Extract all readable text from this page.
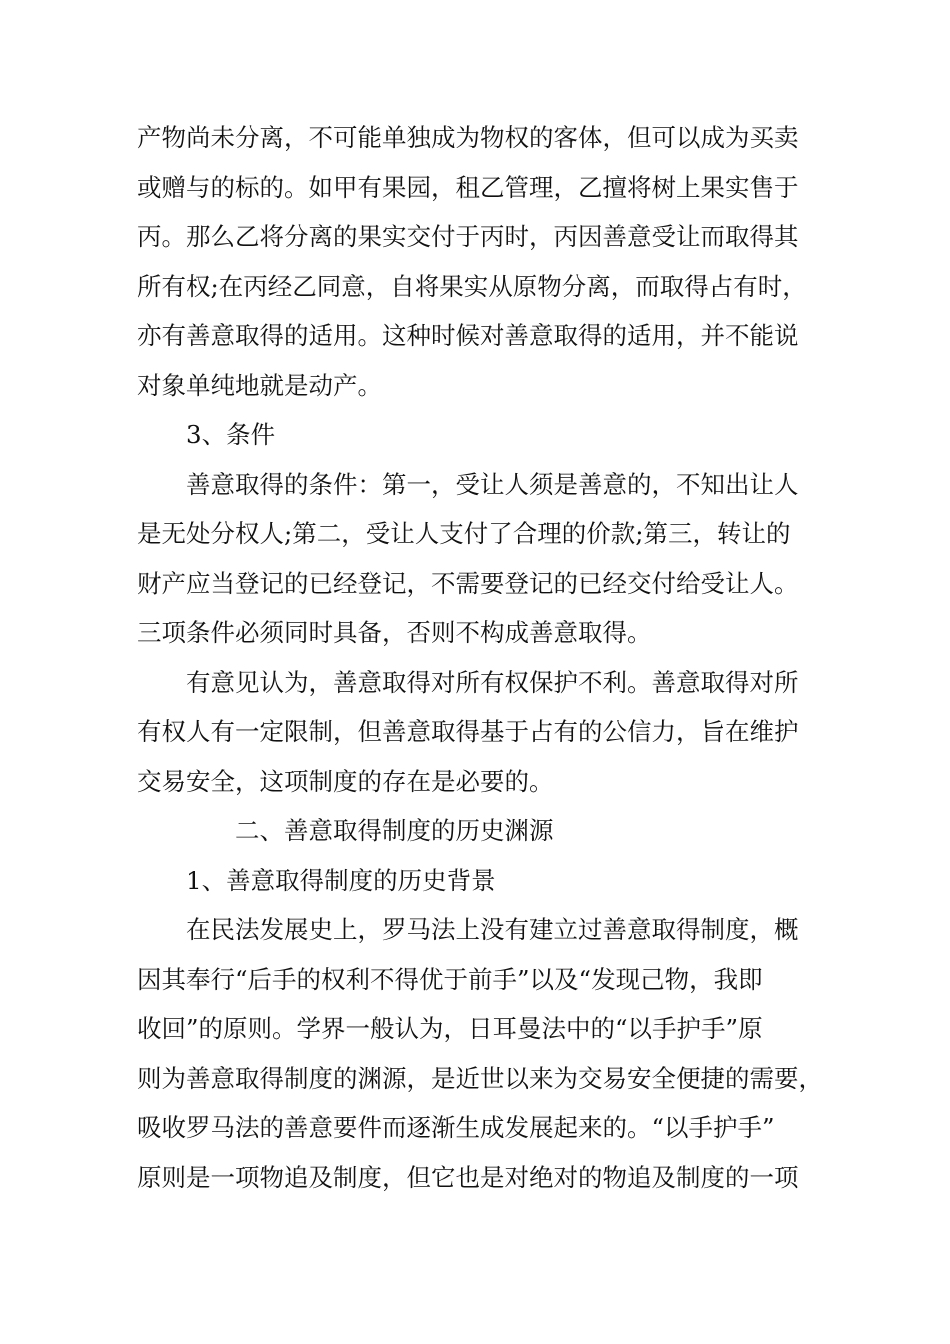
产物尚未分离，不可能单独成为物权的客体，但可以成为买卖
或赠与的标的。如甲有果园，租乙管理，乙擅将树上果实售于
丙。那么乙将分离的果实交付于丙时，丙因善意受让而取得其
所有权;在丙经乙同意，自将果实从原物分离，而取得占有时，
亦有善意取得的适用。这种时候对善意取得的适用，并不能说
对象单纯地就是动产。
3、条件
善意取得的条件：第一，受让人须是善意的，不知出让人
是无处分权人;第二，受让人支付了合理的价款;第三，转让的
财产应当登记的已经登记，不需要登记的已经交付给受让人。
三项条件必须同时具备，否则不构成善意取得。
有意见认为，善意取得对所有权保护不利。善意取得对所
有权人有一定限制，但善意取得基于占有的公信力，旨在维护
交易安全，这项制度的存在是必要的。
二、善意取得制度的历史渊源
1、善意取得制度的历史背景
在民法发展史上，罗马法上没有建立过善意取得制度，概
因其奉行“后手的权利不得优于前手”以及“发现己物，我即
收回”的原则。学界一般认为，日耳曼法中的“以手护手”原
则为善意取得制度的渊源，是近世以来为交易安全便捷的需要，
吸收罗马法的善意要件而逐渐生成发展起来的。“以手护手”
原则是一项物追及制度，但它也是对绝对的物追及制度的一项
